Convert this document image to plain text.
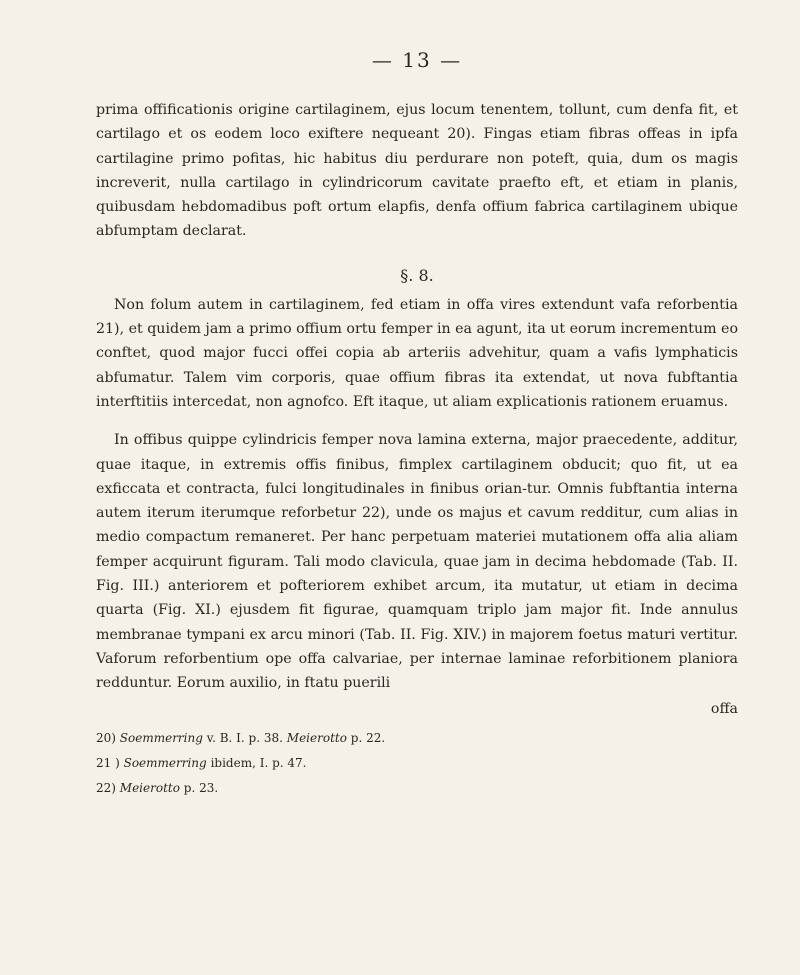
— 13 —

prima offificationis origine cartilaginem, ejus locum tenentem, tollunt, cum denfa fit, et cartilago et os eodem loco exiftere nequeant 20). Fingas etiam fibras offeas in ipfa cartilagine primo pofitas, hic habitus diu perdurare non poteft, quia, dum os magis increverit, nulla cartilago in cylindricorum cavitate praefto eft, et etiam in planis, quibusdam hebdomadibus poft ortum elapfis, denfa offium fabrica cartilaginem ubique abfumptam declarat.

§. 8.

Non folum autem in cartilaginem, fed etiam in offa vires extendunt vafa reforbentia 21), et quidem jam a primo offium ortu femper in ea agunt, ita ut eorum incrementum eo conftet, quod major fucci offei copia ab arteriis advehitur, quam a vafis lymphaticis abfumatur. Talem vim corporis, quae offium fibras ita extendat, ut nova fubftantia interftitiis intercedat, non agnofco. Eft itaque, ut aliam explicationis rationem eruamus.

In offibus quippe cylindricis femper nova lamina externa, major praecedente, additur, quae itaque, in extremis offis finibus, fimplex cartilaginem obducit; quo fit, ut ea exficcata et contracta, fulci longitudinales in finibus orian-tur. Omnis fubftantia interna autem iterum iterumque reforbetur 22), unde os majus et cavum redditur, cum alias in medio compactum remaneret. Per hanc perpetuam materiei mutationem offa alia aliam femper acquirunt figuram. Tali modo clavicula, quae jam in decima hebdomade (Tab. II. Fig. III.) anteriorem et pofteriorem exhibet arcum, ita mutatur, ut etiam in decima quarta (Fig. XI.) ejusdem fit figurae, quamquam triplo jam major fit. Inde annulus membranae tympani ex arcu minori (Tab. II. Fig. XIV.) in majorem foetus maturi vertitur. Vaforum reforbentium ope offa calvariae, per internae laminae reforbitionem planiora redduntur. Eorum auxilio, in ftatu puerili

offa

20) Soemmerring v. B. I. p. 38. Meierotto p. 22.

21 ) Soemmerring ibidem, I. p. 47.

22) Meierotto p. 23.
